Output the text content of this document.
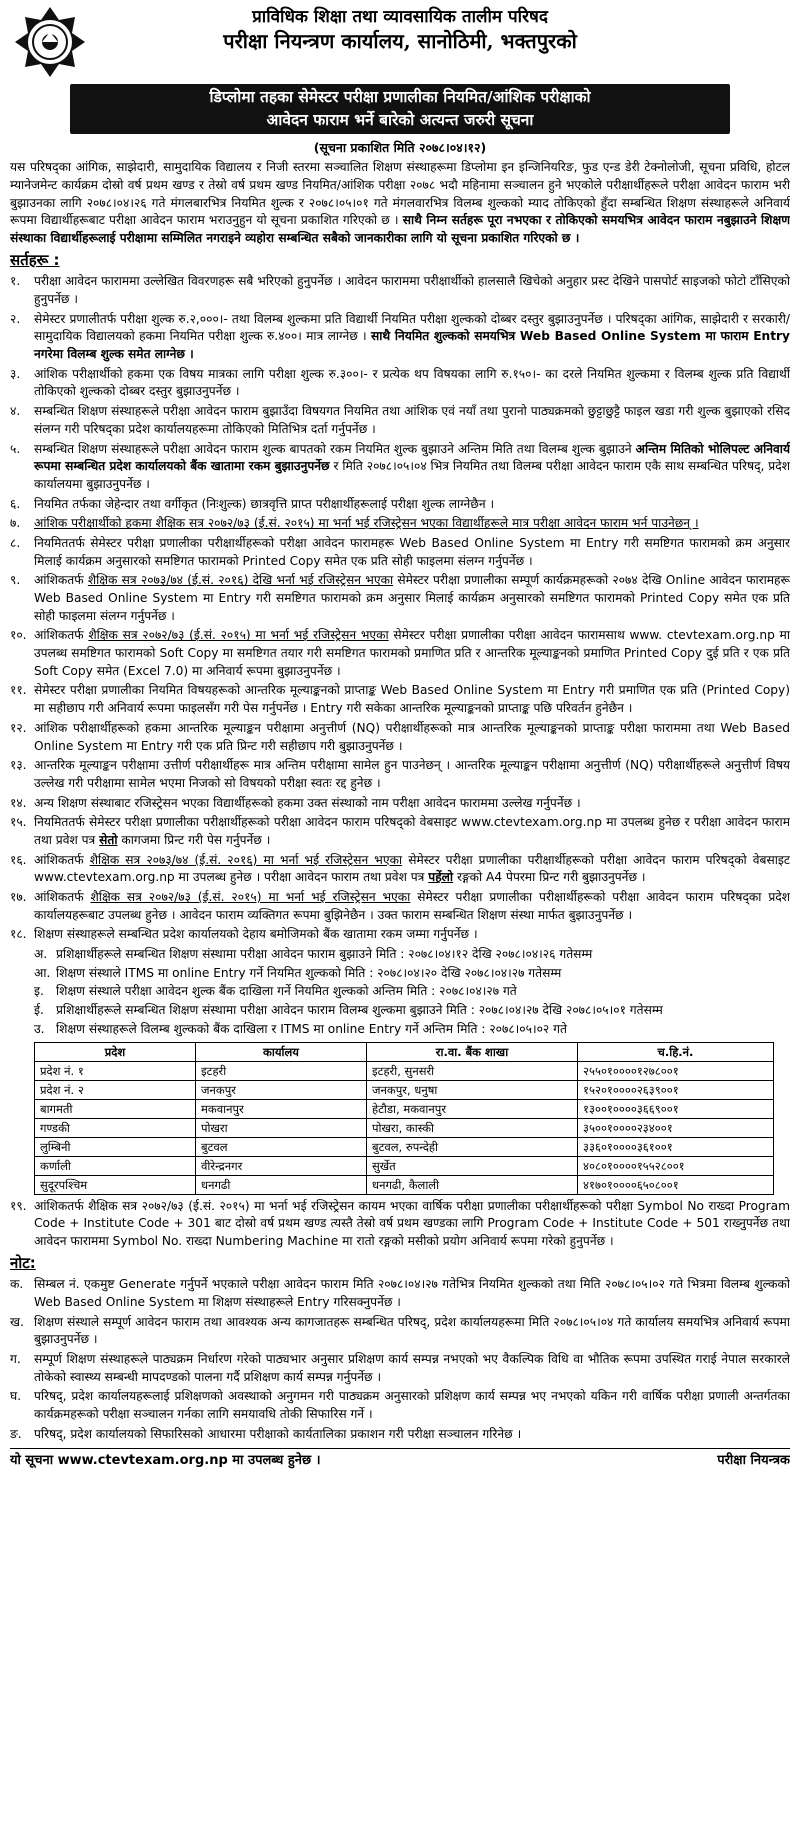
प्राविधिक शिक्षा तथा व्यावसायिक तालीम परिषद
परीक्षा नियन्त्रण कार्यालय, सानोठिमी, भक्तपुरको
डिप्लोमा तहका सेमेस्टर परीक्षा प्रणालीका नियमित/आंशिक परीक्षाको
आवेदन फाराम भर्ने बारेको अत्यन्त जरुरी सूचना
(सूचना प्रकाशित मिति २०७८।०४।१२)

यस परिषद्का आंगिक, साझेदारी, सामुदायिक विद्यालय र निजी स्तरमा सञ्चालित शिक्षण संस्थाहरूमा डिप्लोमा इन इन्जिनियरिङ, फुड एन्ड डेरी टेक्नोलोजी, सूचना प्रविधि, होटल म्यानेजमेन्ट कार्यक्रम दोस्रो वर्ष प्रथम खण्ड र तेस्रो वर्ष प्रथम खण्ड नियमित/आंशिक परीक्षा २०७८ भदौ महिनामा सञ्चालन हुने भएकोले परीक्षार्थीहरूले परीक्षा आवेदन फाराम भरी बुझाउनका लागि २०७८।०४।२६ गते मंगलबारभित्र नियमित शुल्क र २०७८।०५।०१ गते मंगलवारभित्र विलम्ब शुल्कको म्याद तोकिएको हुँदा सम्बन्धित शिक्षण संस्थाहरूले अनिवार्य रूपमा विद्यार्थीहरूबाट परीक्षा आवेदन फाराम भराउनुहुन यो सूचना प्रकाशित गरिएको छ । साथै निम्न सर्तहरू पूरा नभएका र तोकिएको समयभित्र आवेदन फाराम नबुझाउने शिक्षण संस्थाका विद्यार्थीहरूलाई परीक्षामा सम्मिलित नगराइने व्यहोरा सम्बन्धित सबैको जानकारीका लागि यो सूचना प्रकाशित गरिएको छ ।

सर्तहरू :
१.	परीक्षा आवेदन फाराममा उल्लेखित विवरणहरू सबै भरिएको हुनुपर्नेछ । आवेदन फाराममा परीक्षार्थीको हालसालै खिचेको अनुहार प्रस्ट देखिने पासपोर्ट साइजको फोटो टाँसिएको हुनुपर्नेछ ।
२.	सेमेस्टर प्रणालीतर्फ परीक्षा शुल्क रु.२,०००।- तथा विलम्ब शुल्कमा प्रति विद्यार्थी नियमित परीक्षा शुल्कको दोब्बर दस्तुर बुझाउनुपर्नेछ । परिषद्का आंगिक, साझेदारी र सरकारी/सामुदायिक विद्यालयको हकमा नियमित परीक्षा शुल्क रु.४००। मात्र लाग्नेछ । साथै नियमित शुल्कको समयभित्र Web Based Online System मा फाराम Entry नगरेमा विलम्ब शुल्क समेत लाग्नेछ ।
३.	आंशिक परीक्षार्थीको हकमा एक विषय मात्रका लागि परीक्षा शुल्क रु.३००।- र प्रत्येक थप विषयका लागि रु.१५०।- का दरले नियमित शुल्कमा र विलम्ब शुल्क प्रति विद्यार्थी तोकिएको शुल्कको दोब्बर दस्तुर बुझाउनुपर्नेछ ।
४.	सम्बन्धित शिक्षण संस्थाहरूले परीक्षा आवेदन फाराम बुझाउँदा विषयगत नियमित तथा आंशिक एवं नयाँ तथा पुरानो पाठ्यक्रमको छुट्टाछुट्टै फाइल खडा गरी शुल्क बुझाएको रसिद संलग्न गरी परिषद्का प्रदेश कार्यालयहरूमा तोकिएको मितिभित्र दर्ता गर्नुपर्नेछ ।
५.	सम्बन्धित शिक्षण संस्थाहरूले परीक्षा आवेदन फाराम शुल्क बापतको रकम नियमित शुल्क बुझाउने अन्तिम मिति तथा विलम्ब शुल्क बुझाउने अन्तिम मितिको भोलिपल्ट अनिवार्य रूपमा सम्बन्धित प्रदेश कार्यालयको बैंक खातामा रकम बुझाउनुपर्नेछ र मिति २०७८।०५।०४ भित्र नियमित तथा विलम्ब परीक्षा आवेदन फाराम एकै साथ सम्बन्धित परिषद्, प्रदेश कार्यालयमा बुझाउनुपर्नेछ ।
६.	नियमित तर्फका जेहेन्दार तथा वर्गीकृत (निःशुल्क) छात्रवृत्ति प्राप्त परीक्षार्थीहरूलाई परीक्षा शुल्क लाग्नेछैन ।
७.	आंशिक परीक्षार्थीको हकमा शैक्षिक सत्र २०७२/७३ (ई.सं. २०१५) मा भर्ना भई रजिस्ट्रेसन भएका विद्यार्थीहरूले मात्र परीक्षा आवेदन फाराम भर्न पाउनेछन् ।
८.	नियमिततर्फ सेमेस्टर परीक्षा प्रणालीका परीक्षार्थीहरूको परीक्षा आवेदन फारामहरू Web Based Online System मा Entry गरी समष्टिगत फारामको क्रम अनुसार मिलाई कार्यक्रम अनुसारको समष्टिगत फारामको Printed Copy समेत एक प्रति सोही फाइलमा संलग्न गर्नुपर्नेछ ।
९.	आंशिकतर्फ शैक्षिक सत्र २०७३/७४ (ई.सं. २०१६) देखि भर्ना भई रजिस्ट्रेसन भएका सेमेस्टर परीक्षा प्रणालीका सम्पूर्ण कार्यक्रमहरूको २०७४ देखि Online आवेदन फारामहरू Web Based Online System मा Entry गरी समष्टिगत फारामको क्रम अनुसार मिलाई कार्यक्रम अनुसारको समष्टिगत फारामको Printed Copy समेत एक प्रति सोही फाइलमा संलग्न गर्नुपर्नेछ ।
१०. आंशिकतर्फ शैक्षिक सत्र २०७२/७३ (ई.सं. २०१५) मा भर्ना भई रजिस्ट्रेसन भएका सेमेस्टर परीक्षा प्रणालीका परीक्षा आवेदन फारामसाथ www. ctevtexam.org.np मा उपलब्ध समष्टिगत फारामको Soft Copy मा समष्टिगत तयार गरी समष्टिगत फारामको प्रमाणित प्रति र आन्तरिक मूल्याङ्कनको प्रमाणित Printed Copy दुई प्रति र एक प्रति Soft Copy समेत (Excel 7.0) मा अनिवार्य रूपमा बुझाउनुपर्नेछ ।
११. सेमेस्टर परीक्षा प्रणालीका नियमित विषयहरूको आन्तरिक मूल्याङ्कनको प्राप्ताङ्क Web Based Online System मा Entry गरी प्रमाणित एक प्रति (Printed Copy) मा सहीछाप गरी अनिवार्य रूपमा फाइलसँग गरी पेस गर्नुपर्नेछ । Entry गरी सकेका आन्तरिक मूल्याङ्कनको प्राप्ताङ्क पछि परिवर्तन हुनेछैन ।
१२. आंशिक परीक्षार्थीहरूको हकमा आन्तरिक मूल्याङ्कन परीक्षामा अनुत्तीर्ण (NQ) परीक्षार्थीहरूको मात्र आन्तरिक मूल्याङ्कनको प्राप्ताङ्क परीक्षा फाराममा तथा Web Based Online System मा Entry गरी एक प्रति प्रिन्ट गरी सहीछाप गरी बुझाउनुपर्नेछ ।
१३. आन्तरिक मूल्याङ्कन परीक्षामा उत्तीर्ण परीक्षार्थीहरू मात्र अन्तिम परीक्षामा सामेल हुन पाउनेछन् । आन्तरिक मूल्याङ्कन परीक्षामा अनुत्तीर्ण (NQ) परीक्षार्थीहरूले अनुत्तीर्ण विषय उल्लेख गरी परीक्षामा सामेल भएमा निजको सो विषयको परीक्षा स्वतः रद्द हुनेछ ।
१४. अन्य शिक्षण संस्थाबाट रजिस्ट्रेसन भएका विद्यार्थीहरूको हकमा उक्त संस्थाको नाम परीक्षा आवेदन फाराममा उल्लेख गर्नुपर्नेछ ।
१५. नियमिततर्फ सेमेस्टर परीक्षा प्रणालीका परीक्षार्थीहरूको परीक्षा आवेदन फाराम परिषद्को वेबसाइट www.ctevtexam.org.np मा उपलब्ध हुनेछ र परीक्षा आवेदन फाराम तथा प्रवेश पत्र सेतो कागजमा प्रिन्ट गरी पेस गर्नुपर्नेछ ।
१६. आंशिकतर्फ शैक्षिक सत्र २०७३/७४ (ई.सं. २०१६) मा भर्ना भई रजिस्ट्रेसन भएका सेमेस्टर परीक्षा प्रणालीका परीक्षार्थीहरूको परीक्षा आवेदन फाराम परिषद्को वेबसाइट www.ctevtexam.org.np मा उपलब्ध हुनेछ । परीक्षा आवेदन फाराम तथा प्रवेश पत्र पहेंलो रङ्गको A4 पेपरमा प्रिन्ट गरी बुझाउनुपर्नेछ ।
१७. आंशिकतर्फ शैक्षिक सत्र २०७२/७३ (ई.सं. २०१५) मा भर्ना भई रजिस्ट्रेसन भएका सेमेस्टर परीक्षा प्रणालीका परीक्षार्थीहरूको परीक्षा आवेदन फाराम परिषद्का प्रदेश कार्यालयहरूबाट उपलब्ध हुनेछ । आवेदन फाराम व्यक्तिगत रूपमा बुझिनेछैन । उक्त फाराम सम्बन्धित शिक्षण संस्था मार्फत बुझाउनुपर्नेछ ।
१८. शिक्षण संस्थाहरूले सम्बन्धित प्रदेश कार्यालयको देहाय बमोजिमको बैंक खातामा रकम जम्मा गर्नुपर्नेछ ।
अ. प्रशिक्षार्थीहरूले सम्बन्धित शिक्षण संस्थामा परीक्षा आवेदन फाराम बुझाउने मिति : २०७८।०४।१२ देखि २०७८।०४।२६ गतेसम्म
आ. शिक्षण संस्थाले ITMS मा online Entry गर्ने नियमित शुल्कको मिति : २०७८।०४।२० देखि २०७८।०४।२७ गतेसम्म
इ. शिक्षण संस्थाले परीक्षा आवेदन शुल्क बैंक दाखिला गर्ने नियमित शुल्कको अन्तिम मिति : २०७८।०४।२७ गते
ई. प्रशिक्षार्थीहरूले सम्बन्धित शिक्षण संस्थामा परीक्षा आवेदन फाराम विलम्ब शुल्कमा बुझाउने मिति : २०७८।०४।२७ देखि २०७८।०५।०१ गतेसम्म
उ. शिक्षण संस्थाहरूले विलम्ब शुल्कको बैंक दाखिला र ITMS मा online Entry गर्ने अन्तिम मिति : २०७८।०५।०२ गते
प्रदेश	कार्यालय	रा.वा. बैंक शाखा	च.हि.नं.
प्रदेश नं. १	इटहरी	इटहरी, सुनसरी	२५५०१००००१२७८००१
प्रदेश नं. २	जनकपुर	जनकपुर, धनुषा	१५२०१००००२६३९००१
बागमती	मकवानपुर	हेटौडा, मकवानपुर	१३००१००००३६६९००१
गण्डकी	पोखरा	पोखरा, कास्की	३५००१००००२३४००१
लुम्बिनी	बुटवल	बुटवल, रुपन्देही	३३६०१००००३६१००१
कर्णाली	वीरेन्द्रनगर	सुर्खेत	४०८०१००००१५५२८००१
सुदूरपश्चिम	धनगढी	धनगढी, कैलाली	४१७०१००००६५०८००१
१९. आंशिकतर्फ शैक्षिक सत्र २०७२/७३ (ई.सं. २०१५) मा भर्ना भई रजिस्ट्रेसन कायम भएका वार्षिक परीक्षा प्रणालीका परीक्षार्थीहरूको परीक्षा Symbol No राख्दा Program Code + Institute Code + 301 बाट दोस्रो वर्ष प्रथम खण्ड त्यस्तै तेस्रो वर्ष प्रथम खण्डका लागि Program Code + Institute Code + 501 राख्नुपर्नेछ तथा आवेदन फाराममा Symbol No. राख्दा Numbering Machine मा रातो रङ्गको मसीको प्रयोग अनिवार्य रूपमा गरेको हुनुपर्नेछ ।
नोट:
क. सिम्बल नं. एकमुष्ट Generate गर्नुपर्ने भएकाले परीक्षा आवेदन फाराम मिति २०७८।०४।२७ गतेभित्र नियमित शुल्कको तथा मिति २०७८।०५।०२ गते भित्रमा विलम्ब शुल्कको Web Based Online System मा शिक्षण संस्थाहरूले Entry गरिसक्नुपर्नेछ ।
ख. शिक्षण संस्थाले सम्पूर्ण आवेदन फाराम तथा आवश्यक अन्य कागजातहरू सम्बन्धित परिषद्, प्रदेश कार्यालयहरूमा मिति २०७८।०५।०४ गते कार्यालय समयभित्र अनिवार्य रूपमा बुझाउनुपर्नेछ ।
ग.	सम्पूर्ण शिक्षण संस्थाहरूले पाठ्यक्रम निर्धारण गरेको पाठ्यभार अनुसार प्रशिक्षण कार्य सम्पन्न नभएको भए वैकल्पिक विधि वा भौतिक रूपमा उपस्थित गराई नेपाल सरकारले तोकेको स्वास्थ्य सम्बन्धी मापदण्डको पालना गर्दै प्रशिक्षण कार्य सम्पन्न गर्नुपर्नेछ ।
घ.	परिषद्, प्रदेश कार्यालयहरूलाई प्रशिक्षणको अवस्थाको अनुगमन गरी पाठ्यक्रम अनुसारको प्रशिक्षण कार्य सम्पन्न भए नभएको यकिन गरी वार्षिक परीक्षा प्रणाली अन्तर्गतका कार्यक्रमहरूको परीक्षा सञ्चालन गर्नका लागि समयावधि तोकी सिफारिस गर्ने ।
ङ.	परिषद्, प्रदेश कार्यालयको सिफारिसको आधारमा परीक्षाको कार्यतालिका प्रकाशन गरी परीक्षा सञ्चालन गरिनेछ ।
यो सूचना www.ctevtexam.org.np मा उपलब्ध हुनेछ ।	परीक्षा नियन्त्रक
